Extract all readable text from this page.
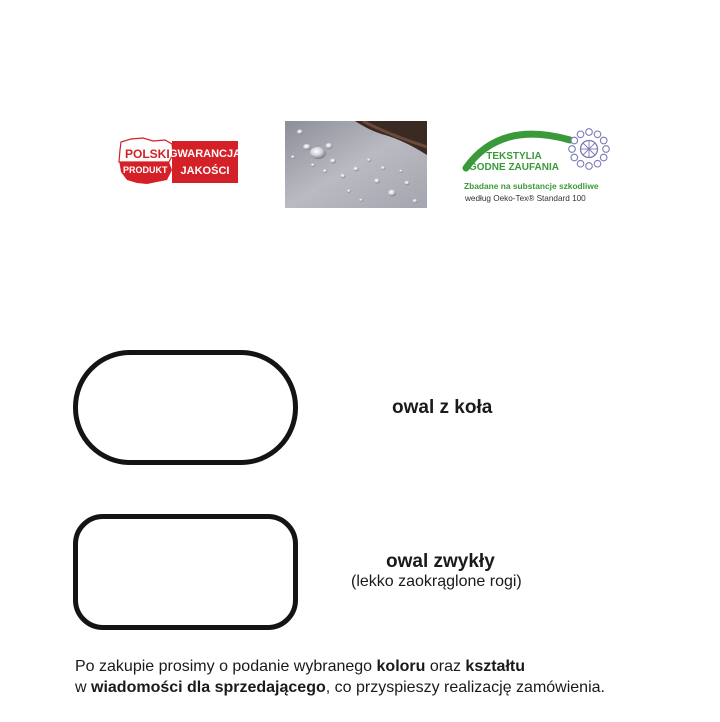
POLSKI
PRODUKT
GWARANCJA
JAKOŚCI
TEKSTYLIA
GODNE ZAUFANIA
Zbadane na substancje szkodliwe
według Oeko-Tex® Standard 100
owal z koła
owal zwykły
(lekko zaokrąglone rogi)
Po zakupie prosimy o podanie wybranego koloru oraz kształtu
w wiadomości dla sprzedającego, co przyspieszy realizację zamówienia.
